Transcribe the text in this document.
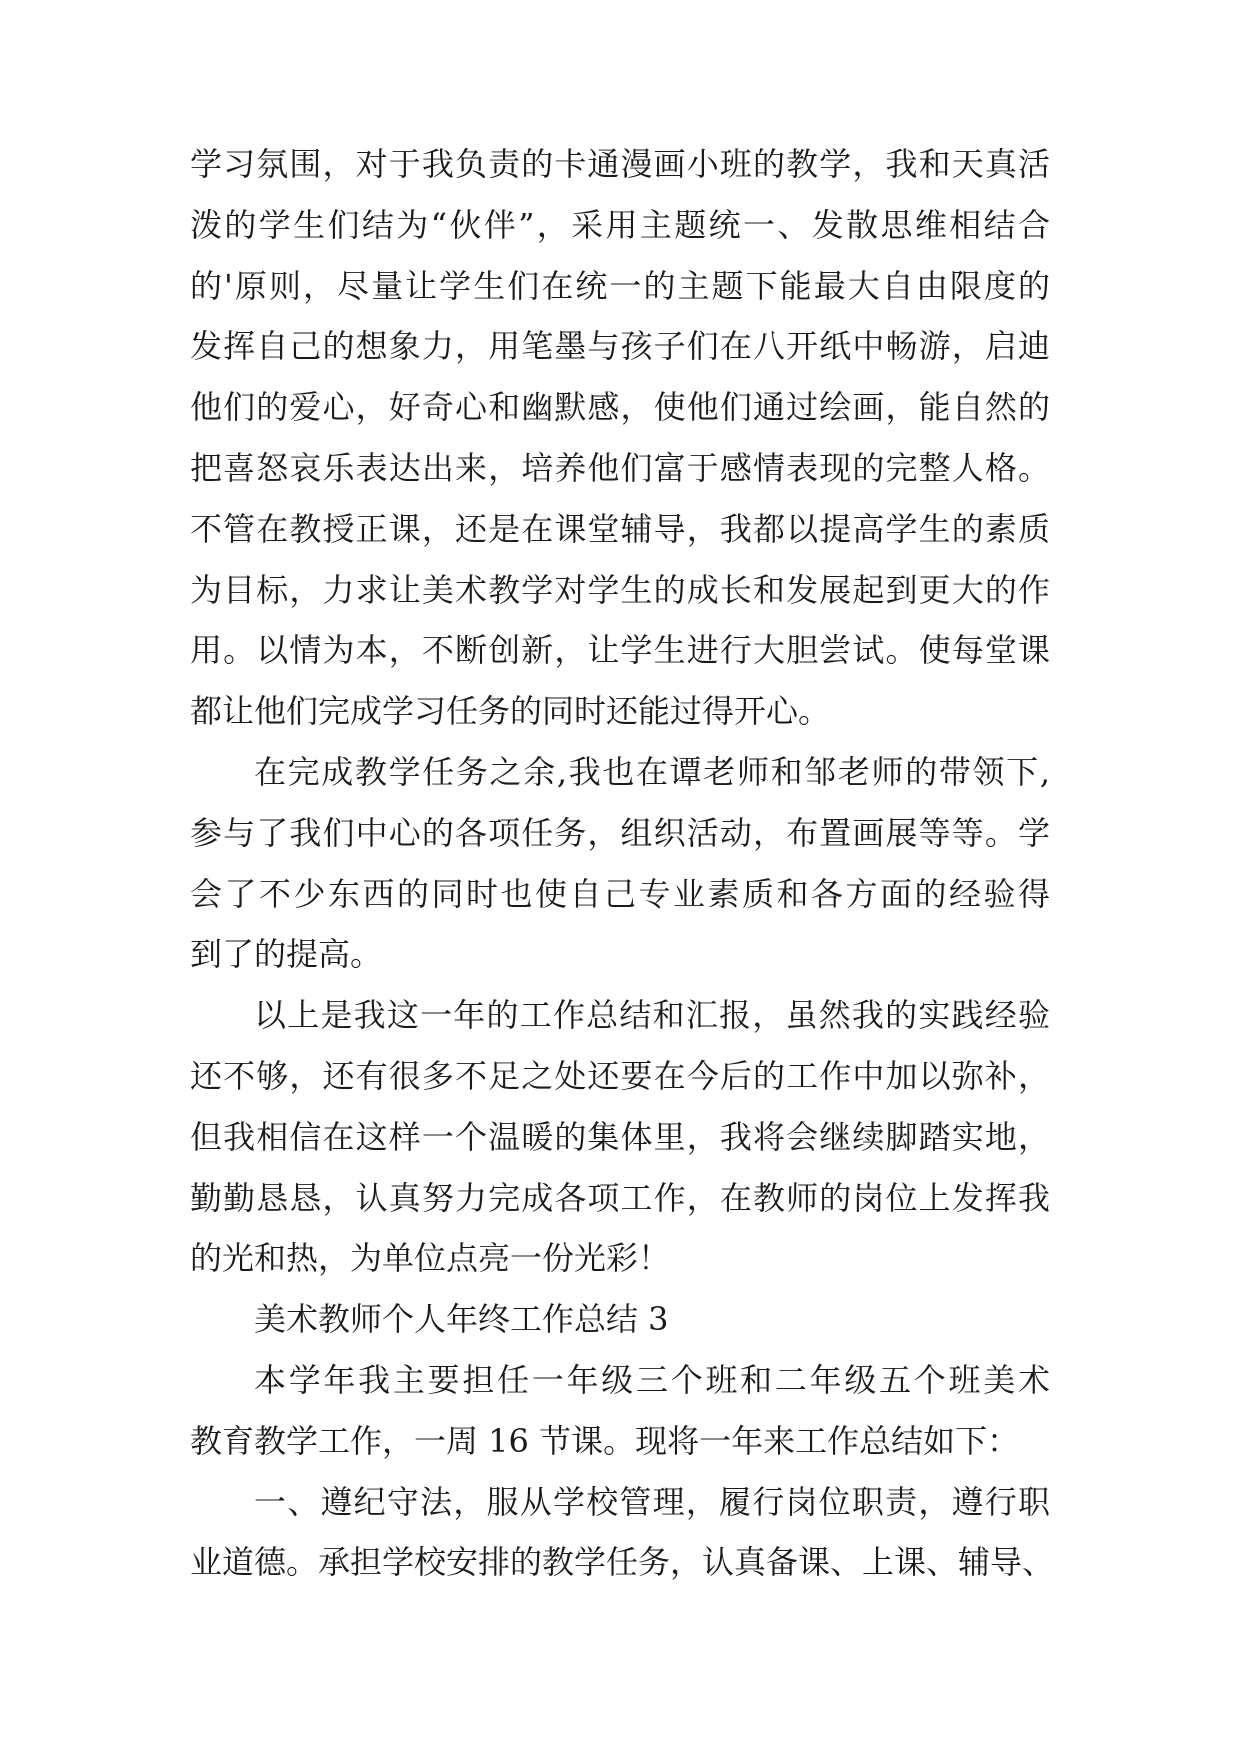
学习氛围，对于我负责的卡通漫画小班的教学，我和天真活
泼的学生们结为“伙伴”，采用主题统一、发散思维相结合
的'原则，尽量让学生们在统一的主题下能最大自由限度的
发挥自己的想象力，用笔墨与孩子们在八开纸中畅游，启迪
他们的爱心，好奇心和幽默感，使他们通过绘画，能自然的
把喜怒哀乐表达出来，培养他们富于感情表现的完整人格。
不管在教授正课，还是在课堂辅导，我都以提高学生的素质
为目标，力求让美术教学对学生的成长和发展起到更大的作
用。以情为本，不断创新，让学生进行大胆尝试。使每堂课
都让他们完成学习任务的同时还能过得开心。
在完成教学任务之余,我也在谭老师和邹老师的带领下,
参与了我们中心的各项任务，组织活动，布置画展等等。学
会了不少东西的同时也使自己专业素质和各方面的经验得
到了的提高。
以上是我这一年的工作总结和汇报，虽然我的实践经验
还不够，还有很多不足之处还要在今后的工作中加以弥补，
但我相信在这样一个温暖的集体里，我将会继续脚踏实地，
勤勤恳恳，认真努力完成各项工作，在教师的岗位上发挥我
的光和热，为单位点亮一份光彩！
美术教师个人年终工作总结 3
本学年我主要担任一年级三个班和二年级五个班美术
教育教学工作，一周 16 节课。现将一年来工作总结如下：
一、遵纪守法，服从学校管理，履行岗位职责，遵行职
业道德。承担学校安排的教学任务，认真备课、上课、辅导、
